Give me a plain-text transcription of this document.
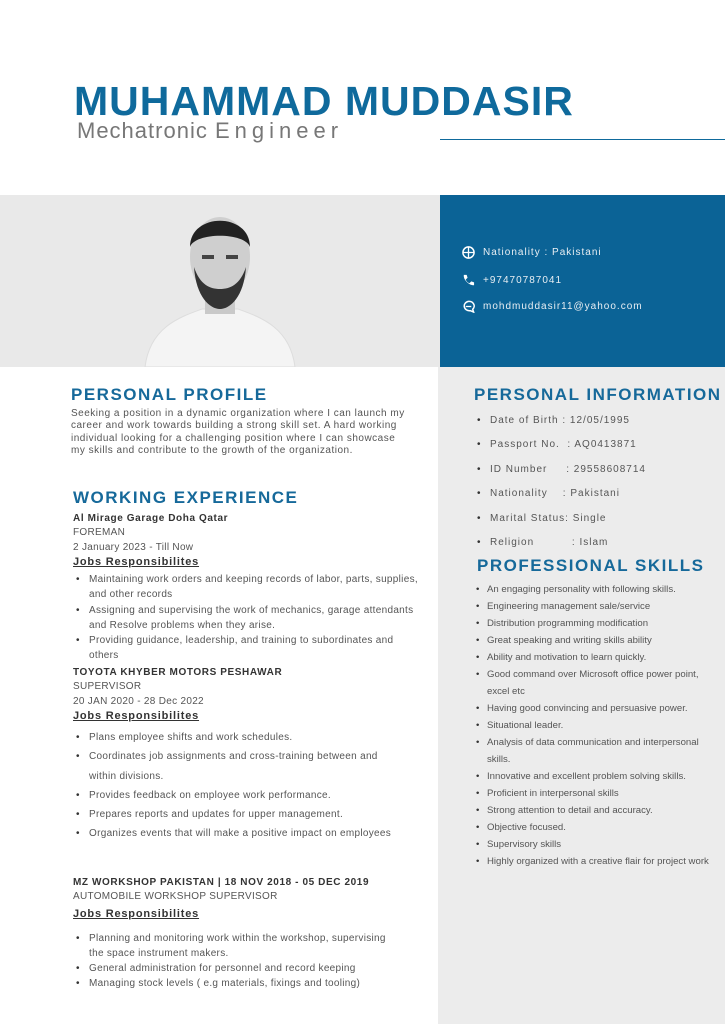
MUHAMMAD MUDDASIR
Mechatronic Engineer
Nationality : Pakistani
+97470787041
mohdmuddasir11@yahoo.com
PERSONAL PROFILE

Seeking a position in a dynamic organization where I can launch my career and work towards building a strong skill set. A hard working individual looking for a challenging position where I can showcase my skills and contribute to the growth of the organization.

WORKING EXPERIENCE
Al Mirage Garage Doha Qatar
FOREMAN
2 January 2023 - Till Now
Jobs Responsibilites
• Maintaining work orders and keeping records of labor, parts, supplies, and other records
• Assigning and supervising the work of mechanics, garage attendants and Resolve problems when they arise.
• Providing guidance, leadership, and training to subordinates and others
TOYOTA KHYBER MOTORS PESHAWAR
SUPERVISOR
20 JAN 2020 - 28 Dec 2022
Jobs Responsibilites
• Plans employee shifts and work schedules.
• Coordinates job assignments and cross-training between and within divisions.
• Provides feedback on employee work performance.
• Prepares reports and updates for upper management.
• Organizes events that will make a positive impact on employees
MZ WORKSHOP PAKISTAN | 18 NOV 2018 - 05 DEC 2019
AUTOMOBILE WORKSHOP SUPERVISOR
Jobs Responsibilites
• Planning and monitoring work within the workshop, supervising the space instrument makers.
• General administration for personnel and record keeping
• Managing stock levels ( e.g materials, fixings and tooling)
PERSONAL INFORMATION
• Date of Birth : 12/05/1995
• Passport No.  : AQ0413871
• ID Number     : 29558608714
• Nationality    : Pakistani
• Marital Status: Single
• Religion          : Islam
PROFESSIONAL SKILLS
• An engaging personality with following skills.
• Engineering management sale/service
• Distribution programming modification
• Great speaking and writing skills ability
• Ability and motivation to learn quickly.
• Good command over Microsoft office power point, excel etc
• Having good convincing and persuasive power.
• Situational leader.
• Analysis of data communication and interpersonal skills.
• Innovative and excellent problem solving skills.
• Proficient in interpersonal skills
• Strong attention to detail and accuracy.
• Objective focused.
• Supervisory skills
• Highly organized with a creative flair for project work
